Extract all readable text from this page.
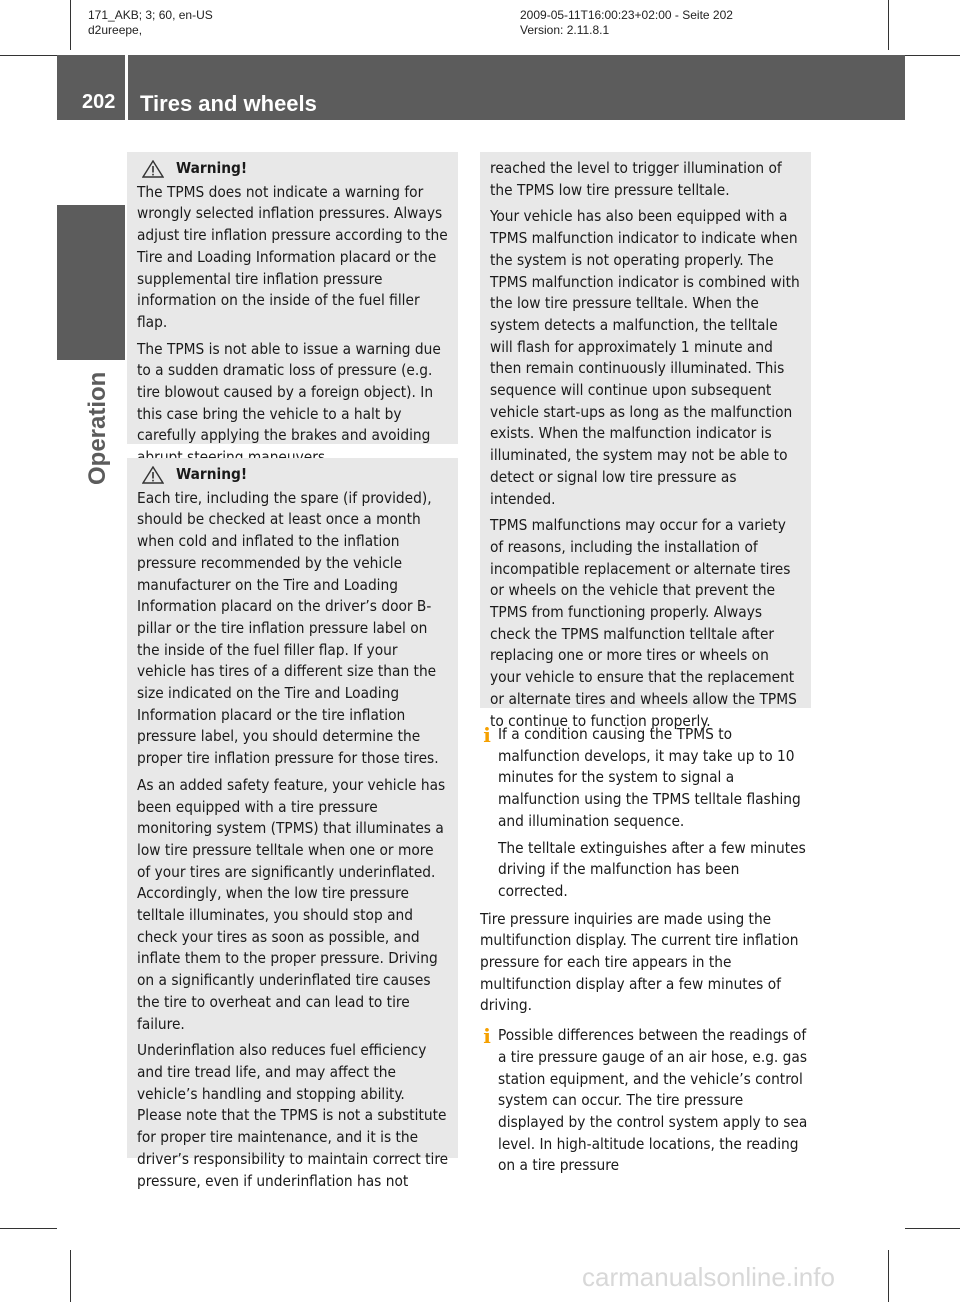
171_AKB; 3; 60, en-US
d2ureepe,
2009-05-11T16:00:23+02:00 - Seite 202
Version: 2.11.8.1
202 Tires and wheels
Operation
Warning!

The TPMS does not indicate a warning for wrongly selected inflation pressures. Always adjust tire inflation pressure according to the Tire and Loading Information placard or the supplemental tire inflation pressure information on the inside of the fuel filler flap.

The TPMS is not able to issue a warning due to a sudden dramatic loss of pressure (e.g. tire blowout caused by a foreign object). In this case bring the vehicle to a halt by carefully applying the brakes and avoiding

Warning!

Each tire, including the spare (if provided), should be checked at least once a month when cold and inflated to the inflation pressure recommended by the vehicle manufacturer on the Tire and Loading Information placard on the driver’s door B-pillar or the tire inflation pressure label on the inside of the fuel filler flap. If your vehicle has tires of a different size than the size indicated on the Tire and Loading Information placard or the tire inflation pressure label, you should determine the proper tire inflation pressure for those tires.

As an added safety feature, your vehicle has been equipped with a tire pressure monitoring system (TPMS) that illuminates a low tire pressure telltale when one or more of your tires are significantly underinflated. Accordingly, when the low tire pressure telltale illuminates, you should stop and check your tires as soon as possible, and inflate them to the proper pressure. Driving on a significantly underinflated tire causes the tire to overheat and can lead to tire failure.

Underinflation also reduces fuel efficiency and tire tread life, and may affect the vehicle’s handling and stopping ability. Please note that the TPMS is not a substitute for proper tire maintenance, and it is the driver’s responsibility to maintain correct tire pressure, even if underinflation has not

reached the level to trigger illumination of the TPMS low tire pressure telltale.

Your vehicle has also been equipped with a TPMS malfunction indicator to indicate when the system is not operating properly. The TPMS malfunction indicator is combined with the low tire pressure telltale. When the system detects a malfunction, the telltale will flash for approximately 1 minute and then remain continuously illuminated. This sequence will continue upon subsequent vehicle start-ups as long as the malfunction exists. When the malfunction indicator is illuminated, the system may not be able to detect or signal low tire pressure as intended.

TPMS malfunctions may occur for a variety of reasons, including the installation of incompatible replacement or alternate tires or wheels on the vehicle that prevent the TPMS from functioning properly. Always check the TPMS malfunction telltale after replacing one or more tires or wheels on your vehicle to ensure that the replacement or alternate tires and wheels allow the TPMS to continue to function properly.

i If a condition causing the TPMS to malfunction develops, it may take up to 10 minutes for the system to signal a malfunction using the TPMS telltale flashing and illumination sequence.

The telltale extinguishes after a few minutes driving if the malfunction has been corrected.

Tire pressure inquiries are made using the multifunction display. The current tire inflation pressure for each tire appears in the multifunction display after a few minutes of driving.

i Possible differences between the readings of a tire pressure gauge of an air hose, e.g. gas station equipment, and the vehicle’s control system can occur. The tire pressure displayed by the control system apply to sea level. In high-altitude locations, the reading on a tire pressure

carmanualsonline.info
